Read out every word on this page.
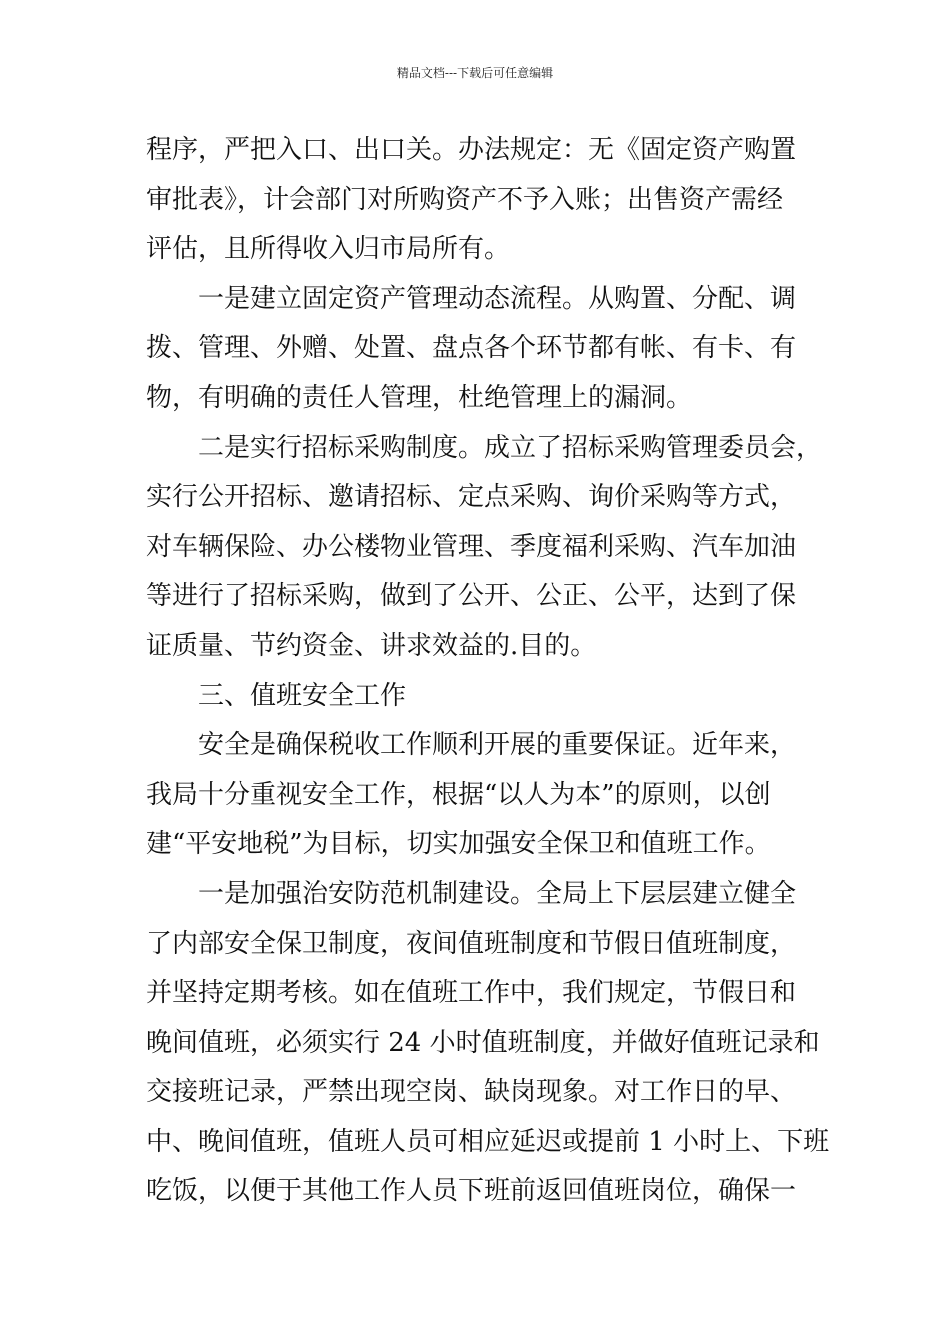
精品文档---下载后可任意编辑
程序，严把入口、出口关。办法规定：无《固定资产购置
审批表》，计会部门对所购资产不予入账；出售资产需经
评估，且所得收入归市局所有。
一是建立固定资产管理动态流程。从购置、分配、调
拨、管理、外赠、处置、盘点各个环节都有帐、有卡、有
物，有明确的责任人管理，杜绝管理上的漏洞。
二是实行招标采购制度。成立了招标采购管理委员会，
实行公开招标、邀请招标、定点采购、询价采购等方式，
对车辆保险、办公楼物业管理、季度福利采购、汽车加油
等进行了招标采购，做到了公开、公正、公平，达到了保
证质量、节约资金、讲求效益的.目的。
三、值班安全工作
安全是确保税收工作顺利开展的重要保证。近年来，
我局十分重视安全工作，根据“以人为本”的原则，以创
建“平安地税”为目标，切实加强安全保卫和值班工作。
一是加强治安防范机制建设。全局上下层层建立健全
了内部安全保卫制度，夜间值班制度和节假日值班制度，
并坚持定期考核。如在值班工作中，我们规定，节假日和
晚间值班，必须实行 24 小时值班制度，并做好值班记录和
交接班记录，严禁出现空岗、缺岗现象。对工作日的早、
中、晚间值班，值班人员可相应延迟或提前 1 小时上、下班
吃饭，以便于其他工作人员下班前返回值班岗位，确保一
